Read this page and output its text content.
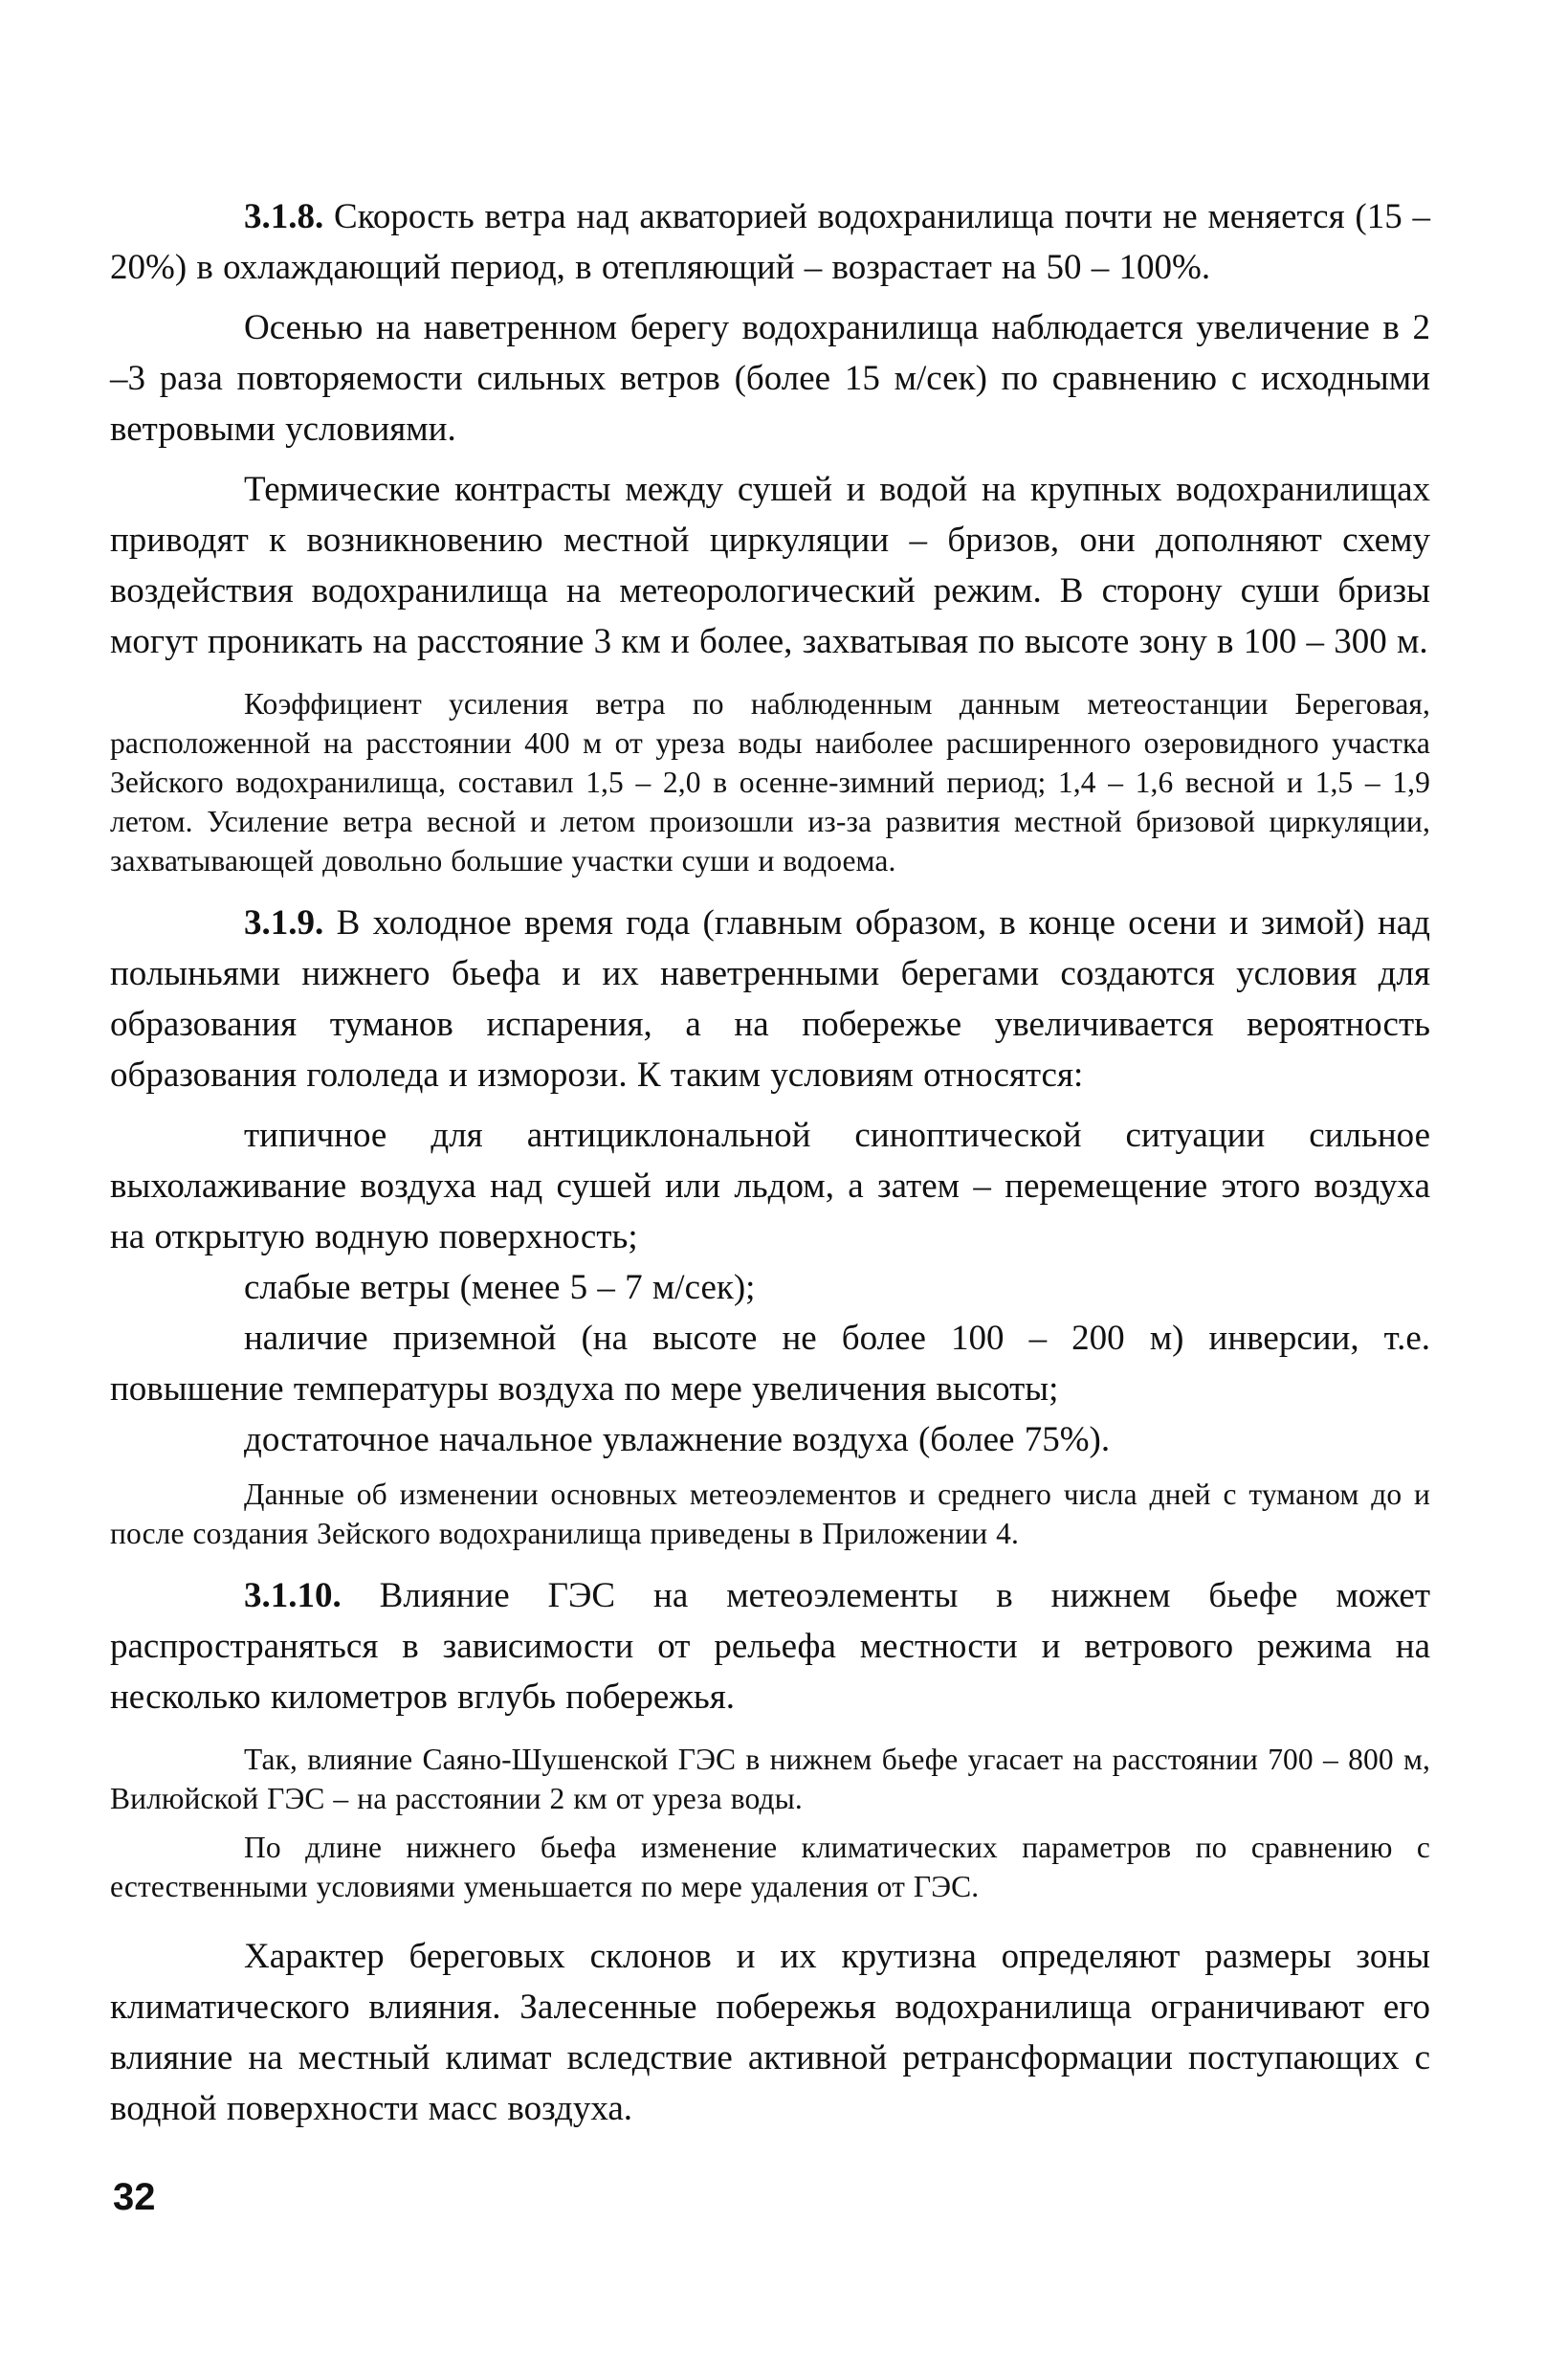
3.1.8. Скорость ветра над акваторией водохранилища почти не меняется (15 – 20%) в охлаждающий период, в отепляющий – возрастает на 50 – 100%.

Осенью на наветренном берегу водохранилища наблюдается увеличение в 2 –3 раза повторяемости сильных ветров (более 15 м/сек) по сравнению с исходными ветровыми условиями.

Термические контрасты между сушей и водой на крупных водохранилищах приводят к возникновению местной циркуляции – бризов, они дополняют схему воздействия водохранилища на метеорологический режим. В сторону суши бризы могут проникать на расстояние 3 км и более, захватывая по высоте зону в 100 – 300 м.

Коэффициент усиления ветра по наблюденным данным метеостанции Береговая, расположенной на расстоянии 400 м от уреза воды наиболее расширенного озеровидного участка Зейского водохранилища, составил 1,5 – 2,0 в осенне-зимний период; 1,4 – 1,6 весной и 1,5 – 1,9 летом. Усиление ветра весной и летом произошли из-за развития местной бризовой циркуляции, захватывающей довольно большие участки суши и водоема.

3.1.9. В холодное время года (главным образом, в конце осени и зимой) над полыньями нижнего бьефа и их наветренными берегами создаются условия для образования туманов испарения, а на побережье увеличивается вероятность образования гололеда и изморози. К таким условиям относятся:

типичное для антициклональной синоптической ситуации сильное выхолаживание воздуха над сушей или льдом, а затем – перемещение этого воздуха на открытую водную поверхность;

слабые ветры (менее 5 – 7 м/сек);

наличие приземной (на высоте не более 100 – 200 м) инверсии, т.е. повышение температуры воздуха по мере увеличения высоты;

достаточное начальное увлажнение воздуха (более 75%).

Данные об изменении основных метеоэлементов и среднего числа дней с туманом до и после создания Зейского водохранилища приведены в Приложении 4.

3.1.10. Влияние ГЭС на метеоэлементы в нижнем бьефе может распространяться в зависимости от рельефа местности и ветрового режима на несколько километров вглубь побережья.

Так, влияние Саяно-Шушенской ГЭС в нижнем бьефе угасает на расстоянии 700 – 800 м, Вилюйской ГЭС – на расстоянии 2 км от уреза воды.

По длине нижнего бьефа изменение климатических параметров по сравнению с естественными условиями уменьшается по мере удаления от ГЭС.

Характер береговых склонов и их крутизна определяют размеры зоны климатического влияния. Залесенные побережья водохранилища ограничивают его влияние на местный климат вследствие активной ретрансформации поступающих с водной поверхности масс воздуха.

32
